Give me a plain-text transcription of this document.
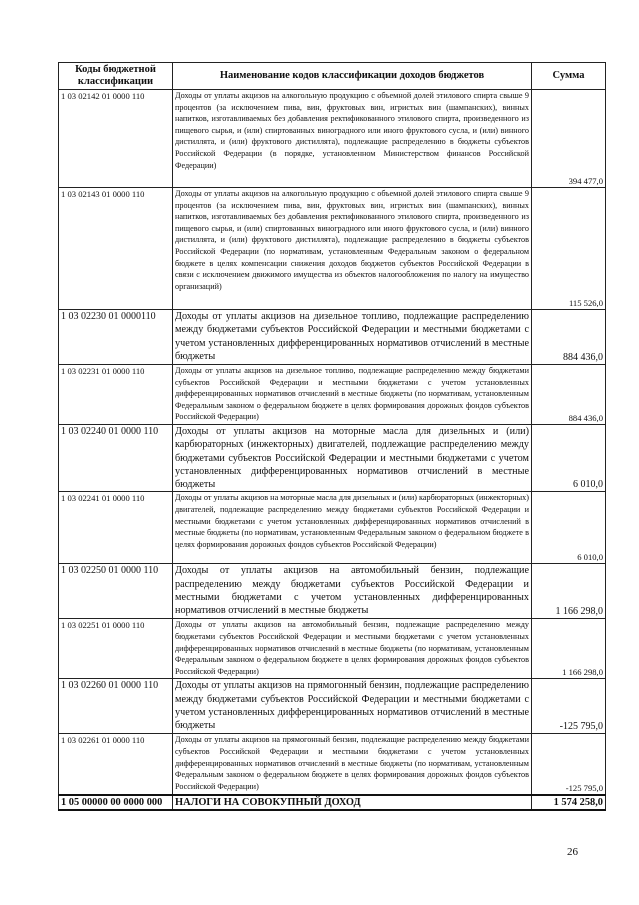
Коды бюджетной классификации	Наименование кодов классификации доходов бюджетов	Сумма
1 03 02142 01 0000 110	Доходы от уплаты акцизов на алкогольную продукцию с объемной долей этилового спирта свыше 9 процентов (за исключением пива, вин, фруктовых вин, игристых вин (шампанских), винных напитков, изготавливаемых без добавления ректификованного этилового спирта, произведенного из пищевого сырья, и (или) спиртованных виноградного или иного фруктового сусла, и (или) винного дистиллята, и (или) фруктового дистиллята), подлежащие распределению в бюджеты субъектов Российской Федерации (в порядке, установленном Министерством финансов Российской Федерации)	394 477,0
1 03 02143 01 0000 110	Доходы от уплаты акцизов на алкогольную продукцию с объемной долей этилового спирта свыше 9 процентов (за исключением пива, вин, фруктовых вин, игристых вин (шампанских), винных напитков, изготавливаемых без добавления ректификованного этилового спирта, произведенного из пищевого сырья, и (или) спиртованных виноградного или иного фруктового сусла, и (или) винного дистиллята, и (или) фруктового дистиллята), подлежащие распределению в бюджеты субъектов Российской Федерации (по нормативам, установленным Федеральным законом о федеральном бюджете в целях компенсации снижения доходов бюджетов субъектов Российской Федерации в связи с исключением движимого имущества из объектов налогообложения по налогу на имущество организаций)	115 526,0
1 03 02230 01 0000110	Доходы от уплаты акцизов на дизельное топливо, подлежащие распределению между бюджетами субъектов Российской Федерации и местными бюджетами с учетом установленных дифференцированных нормативов отчислений в местные бюджеты	884 436,0
1 03 02231 01 0000 110	Доходы от уплаты акцизов на дизельное топливо, подлежащие распределению между бюджетами субъектов Российской Федерации и местными бюджетами с учетом установленных дифференцированных нормативов отчислений в местные бюджеты (по нормативам, установленным Федеральным законом о федеральном бюджете в целях формирования дорожных фондов субъектов Российской Федерации)	884 436,0
1 03 02240 01 0000 110	Доходы от уплаты акцизов на моторные масла для дизельных и (или) карбюраторных (инжекторных) двигателей, подлежащие распределению между бюджетами субъектов Российской Федерации и местными бюджетами с учетом установленных дифференцированных нормативов отчислений в местные бюджеты	6 010,0
1 03 02241 01 0000 110	Доходы от уплаты акцизов на моторные масла для дизельных и (или) карбюраторных (инжекторных) двигателей, подлежащие распределению между бюджетами субъектов Российской Федерации и местными бюджетами с учетом установленных дифференцированных нормативов отчислений в местные бюджеты (по нормативам, установленным Федеральным законом о федеральном бюджете в целях формирования дорожных фондов субъектов Российской Федерации)	6 010,0
1 03 02250 01 0000 110	Доходы от уплаты акцизов на автомобильный бензин, подлежащие распределению между бюджетами субъектов Российской Федерации и местными бюджетами с учетом установленных дифференцированных нормативов отчислений в местные бюджеты	1 166 298,0
1 03 02251 01 0000 110	Доходы от уплаты акцизов на автомобильный бензин, подлежащие распределению между бюджетами субъектов Российской Федерации и местными бюджетами с учетом установленных дифференцированных нормативов отчислений в местные бюджеты (по нормативам, установленным Федеральным законом о федеральном бюджете в целях формирования дорожных фондов субъектов Российской Федерации)	1 166 298,0
1 03 02260 01 0000 110	Доходы от уплаты акцизов на прямогонный бензин, подлежащие распределению между бюджетами субъектов Российской Федерации и местными бюджетами с учетом установленных дифференцированных нормативов отчислений в местные бюджеты	-125 795,0
1 03 02261 01 0000 110	Доходы от уплаты акцизов на прямогонный бензин, подлежащие распределению между бюджетами субъектов Российской Федерации и местными бюджетами с учетом установленных дифференцированных нормативов отчислений в местные бюджеты (по нормативам, установленным Федеральным законом о федеральном бюджете в целях формирования дорожных фондов субъектов Российской Федерации)	-125 795,0
1 05 00000 00 0000 000	НАЛОГИ НА СОВОКУПНЫЙ ДОХОД	1 574 258,0
26
